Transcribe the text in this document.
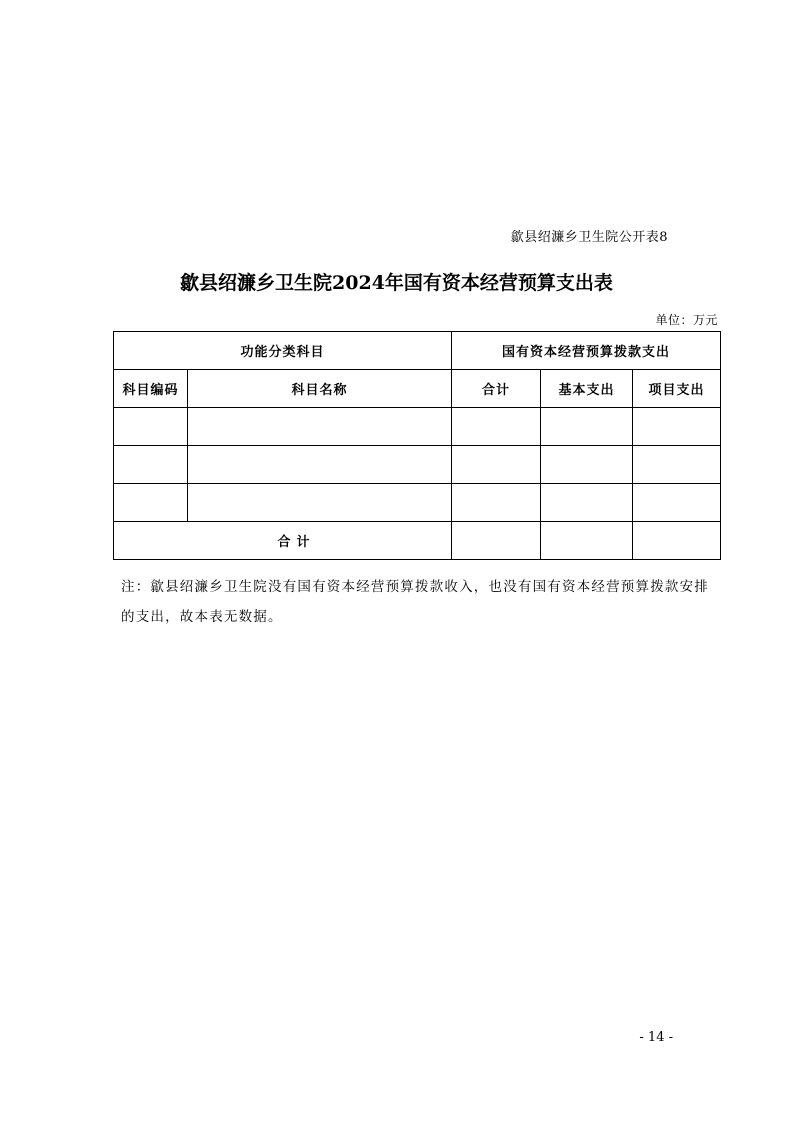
歙县绍濂乡卫生院公开表8
歙县绍濂乡卫生院2024年国有资本经营预算支出表
单位：万元
功能分类科目		国有资本经营预算拨款支出		
科目编码	科目名称	合计	基本支出	项目支出

合计				
注：歙县绍濂乡卫生院没有国有资本经营预算拨款收入，也没有国有资本经营预算拨款安排的支出，故本表无数据。
- 14 -
